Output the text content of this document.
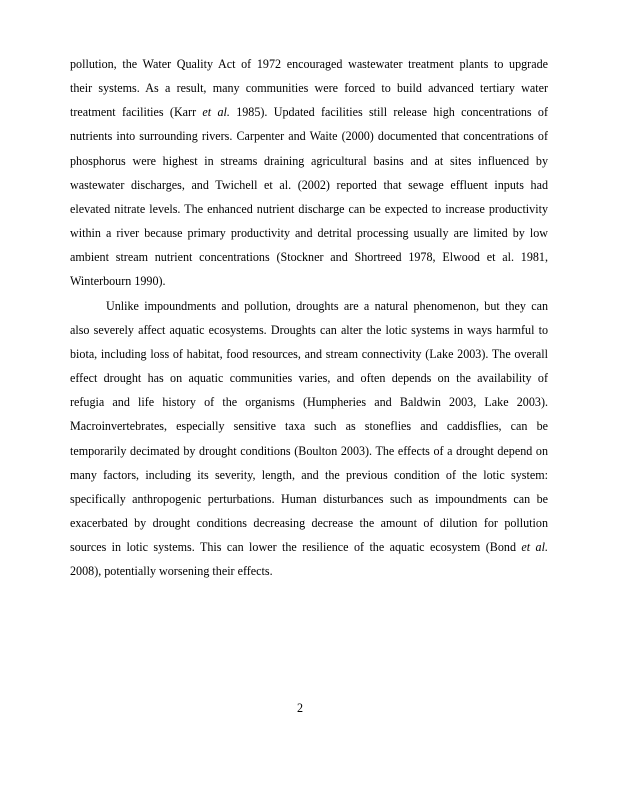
pollution, the Water Quality Act of 1972 encouraged wastewater treatment plants to upgrade
their systems. As a result, many communities were forced to build advanced tertiary water
treatment facilities (Karr et al. 1985). Updated facilities still release high concentrations of
nutrients into surrounding rivers. Carpenter and Waite (2000) documented that concentrations of
phosphorus were highest in streams draining agricultural basins and at sites influenced by
wastewater discharges, and Twichell et al. (2002) reported that sewage effluent inputs had
elevated nitrate levels. The enhanced nutrient discharge can be expected to increase productivity
within a river because primary productivity and detrital processing usually are limited by low
ambient stream nutrient concentrations (Stockner and Shortreed 1978, Elwood et al. 1981,
Winterbourn 1990).
Unlike impoundments and pollution, droughts are a natural phenomenon, but they can
also severely affect aquatic ecosystems. Droughts can alter the lotic systems in ways harmful to
biota, including loss of habitat, food resources, and stream connectivity (Lake 2003). The overall
effect drought has on aquatic communities varies, and often depends on the availability of
refugia and life history of the organisms (Humpheries and Baldwin 2003, Lake 2003).
Macroinvertebrates, especially sensitive taxa such as stoneflies and caddisflies, can be
temporarily decimated by drought conditions (Boulton 2003). The effects of a drought depend on
many factors, including its severity, length, and the previous condition of the lotic system:
specifically anthropogenic perturbations. Human disturbances such as impoundments can be
exacerbated by drought conditions decreasing decrease the amount of dilution for pollution
sources in lotic systems. This can lower the resilience of the aquatic ecosystem (Bond et al.
2008), potentially worsening their effects.
2
